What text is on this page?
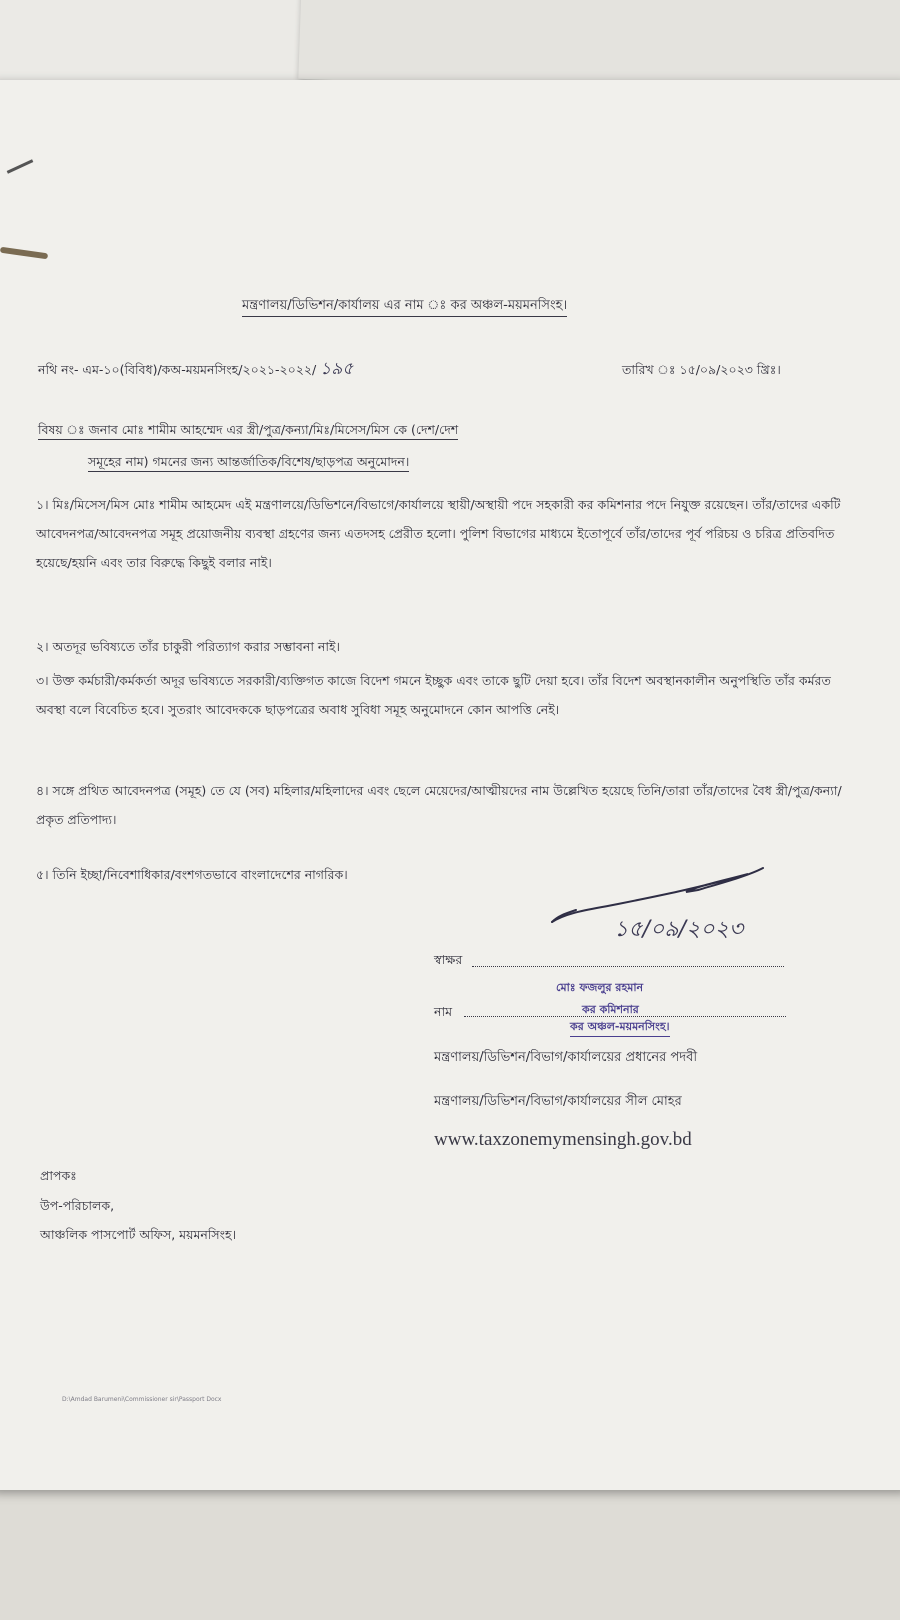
মন্ত্রণালয়/ডিভিশন/কার্যালয় এর নাম ঃ কর অঞ্চল-ময়মনসিংহ।
নথি নং- এম-১০(বিবিধ)/কঅ-ময়মনসিংহ/২০২১-২০২২/ ১৯৫	তারিখ ঃ ১৫/০৯/২০২৩ খ্রিঃ।
বিষয় ঃ জনাব মোঃ শামীম আহম্মেদ এর স্ত্রী/পুত্র/কন্যা/মিঃ/মিসেস/মিস কে (দেশ/দেশ
সমূহের নাম) গমনের জন্য আন্তর্জাতিক/বিশেষ/ছাড়পত্র অনুমোদন।
১। মিঃ/মিসেস/মিস মোঃ শামীম আহমেদ এই মন্ত্রণালয়ে/ডিভিশনে/বিভাগে/কার্যালয়ে স্থায়ী/অস্থায়ী পদে সহকারী কর কমিশনার পদে নিযুক্ত রয়েছেন। তাঁর/তাদের একটি আবেদনপত্র/আবেদনপত্র সমূহ প্রয়োজনীয় ব্যবস্থা গ্রহণের জন্য এতদসহ প্রেরীত হলো। পুলিশ বিভাগের মাধ্যমে ইতোপূর্বে তাঁর/তাদের পূর্ব পরিচয় ও চরিত্র প্রতিবদিত হয়েছে/হয়নি এবং তার বিরুদ্ধে কিছুই বলার নাই।
২। অতদূর ভবিষ্যতে তাঁর চাকুরী পরিত্যাগ করার সম্ভাবনা নাই।
৩। উক্ত কর্মচারী/কর্মকর্তা অদূর ভবিষ্যতে সরকারী/ব্যক্তিগত কাজে বিদেশ গমনে ইচ্ছুক এবং তাকে ছুটি দেয়া হবে। তাঁর বিদেশ অবস্থানকালীন অনুপস্থিতি তাঁর কর্মরত অবস্থা বলে বিবেচিত হবে। সুতরাং আবেদককে ছাড়পত্রের অবাধ সুবিধা সমূহ অনুমোদনে কোন আপত্তি নেই।
৪। সঙ্গে প্রথিত আবেদনপত্র (সমূহ) তে যে (সব) মহিলার/মহিলাদের এবং ছেলে মেয়েদের/আত্মীয়দের নাম উল্লেখিত হয়েছে তিনি/তারা তাঁর/তাদের বৈধ স্ত্রী/পুত্র/কন্যা/প্রকৃত প্রতিপাদ্য।
৫। তিনি ইচ্ছা/নিবেশাধিকার/বংশগতভাবে বাংলাদেশের নাগরিক।
১৫/০৯/২০২৩
স্বাক্ষর
মোঃ ফজলুর রহমান
নাম	কর কমিশনার
কর অঞ্চল-ময়মনসিংহ।
মন্ত্রণালয়/ডিভিশন/বিভাগ/কার্যালয়ের প্রধানের পদবী
মন্ত্রণালয়/ডিভিশন/বিভাগ/কার্যালয়ের সীল মোহর
www.taxzonemymensingh.gov.bd
প্রাপকঃ
উপ-পরিচালক,
আঞ্চলিক পাসপোর্ট অফিস, ময়মনসিংহ।
D:\Amdad Barumeni\Commissioner sir\Passport Docx
